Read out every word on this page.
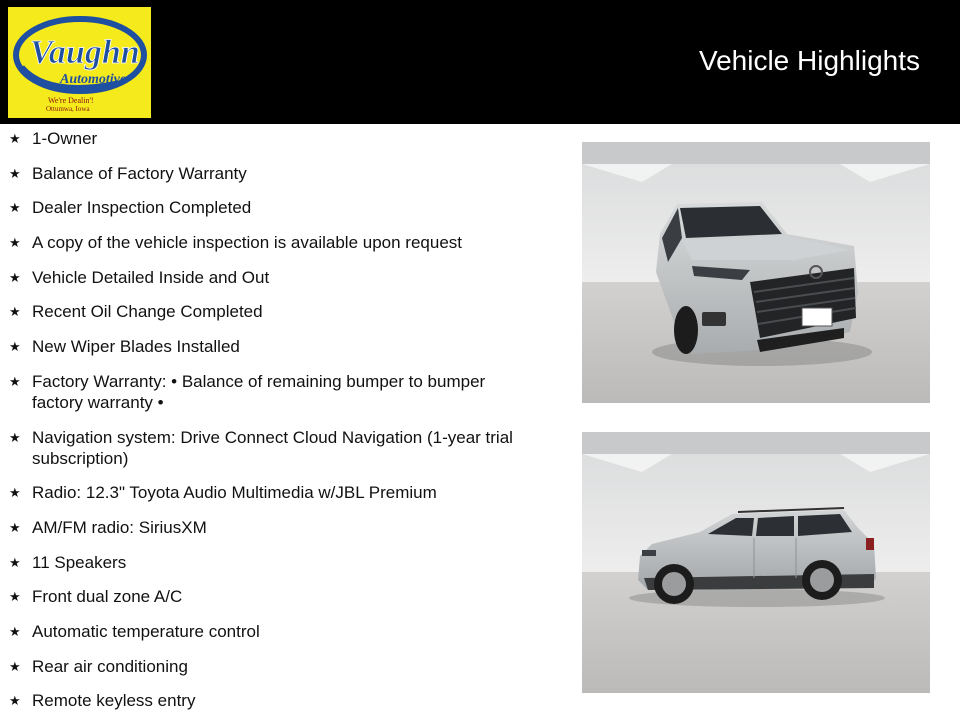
Vaughn
Automotive
We're Dealin'!
Ottumwa, Iowa
Vehicle Highlights
★ 1-Owner
★ Balance of Factory Warranty
★ Dealer Inspection Completed
★ A copy of the vehicle inspection is available upon request
★ Vehicle Detailed Inside and Out
★ Recent Oil Change Completed
★ New Wiper Blades Installed
★ Factory Warranty: • Balance of remaining bumper to bumper factory warranty •
★ Navigation system: Drive Connect Cloud Navigation (1-year trial subscription)
★ Radio: 12.3" Toyota Audio Multimedia w/JBL Premium
★ AM/FM radio: SiriusXM
★ 11 Speakers
★ Front dual zone A/C
★ Automatic temperature control
★ Rear air conditioning
★ Remote keyless entry
